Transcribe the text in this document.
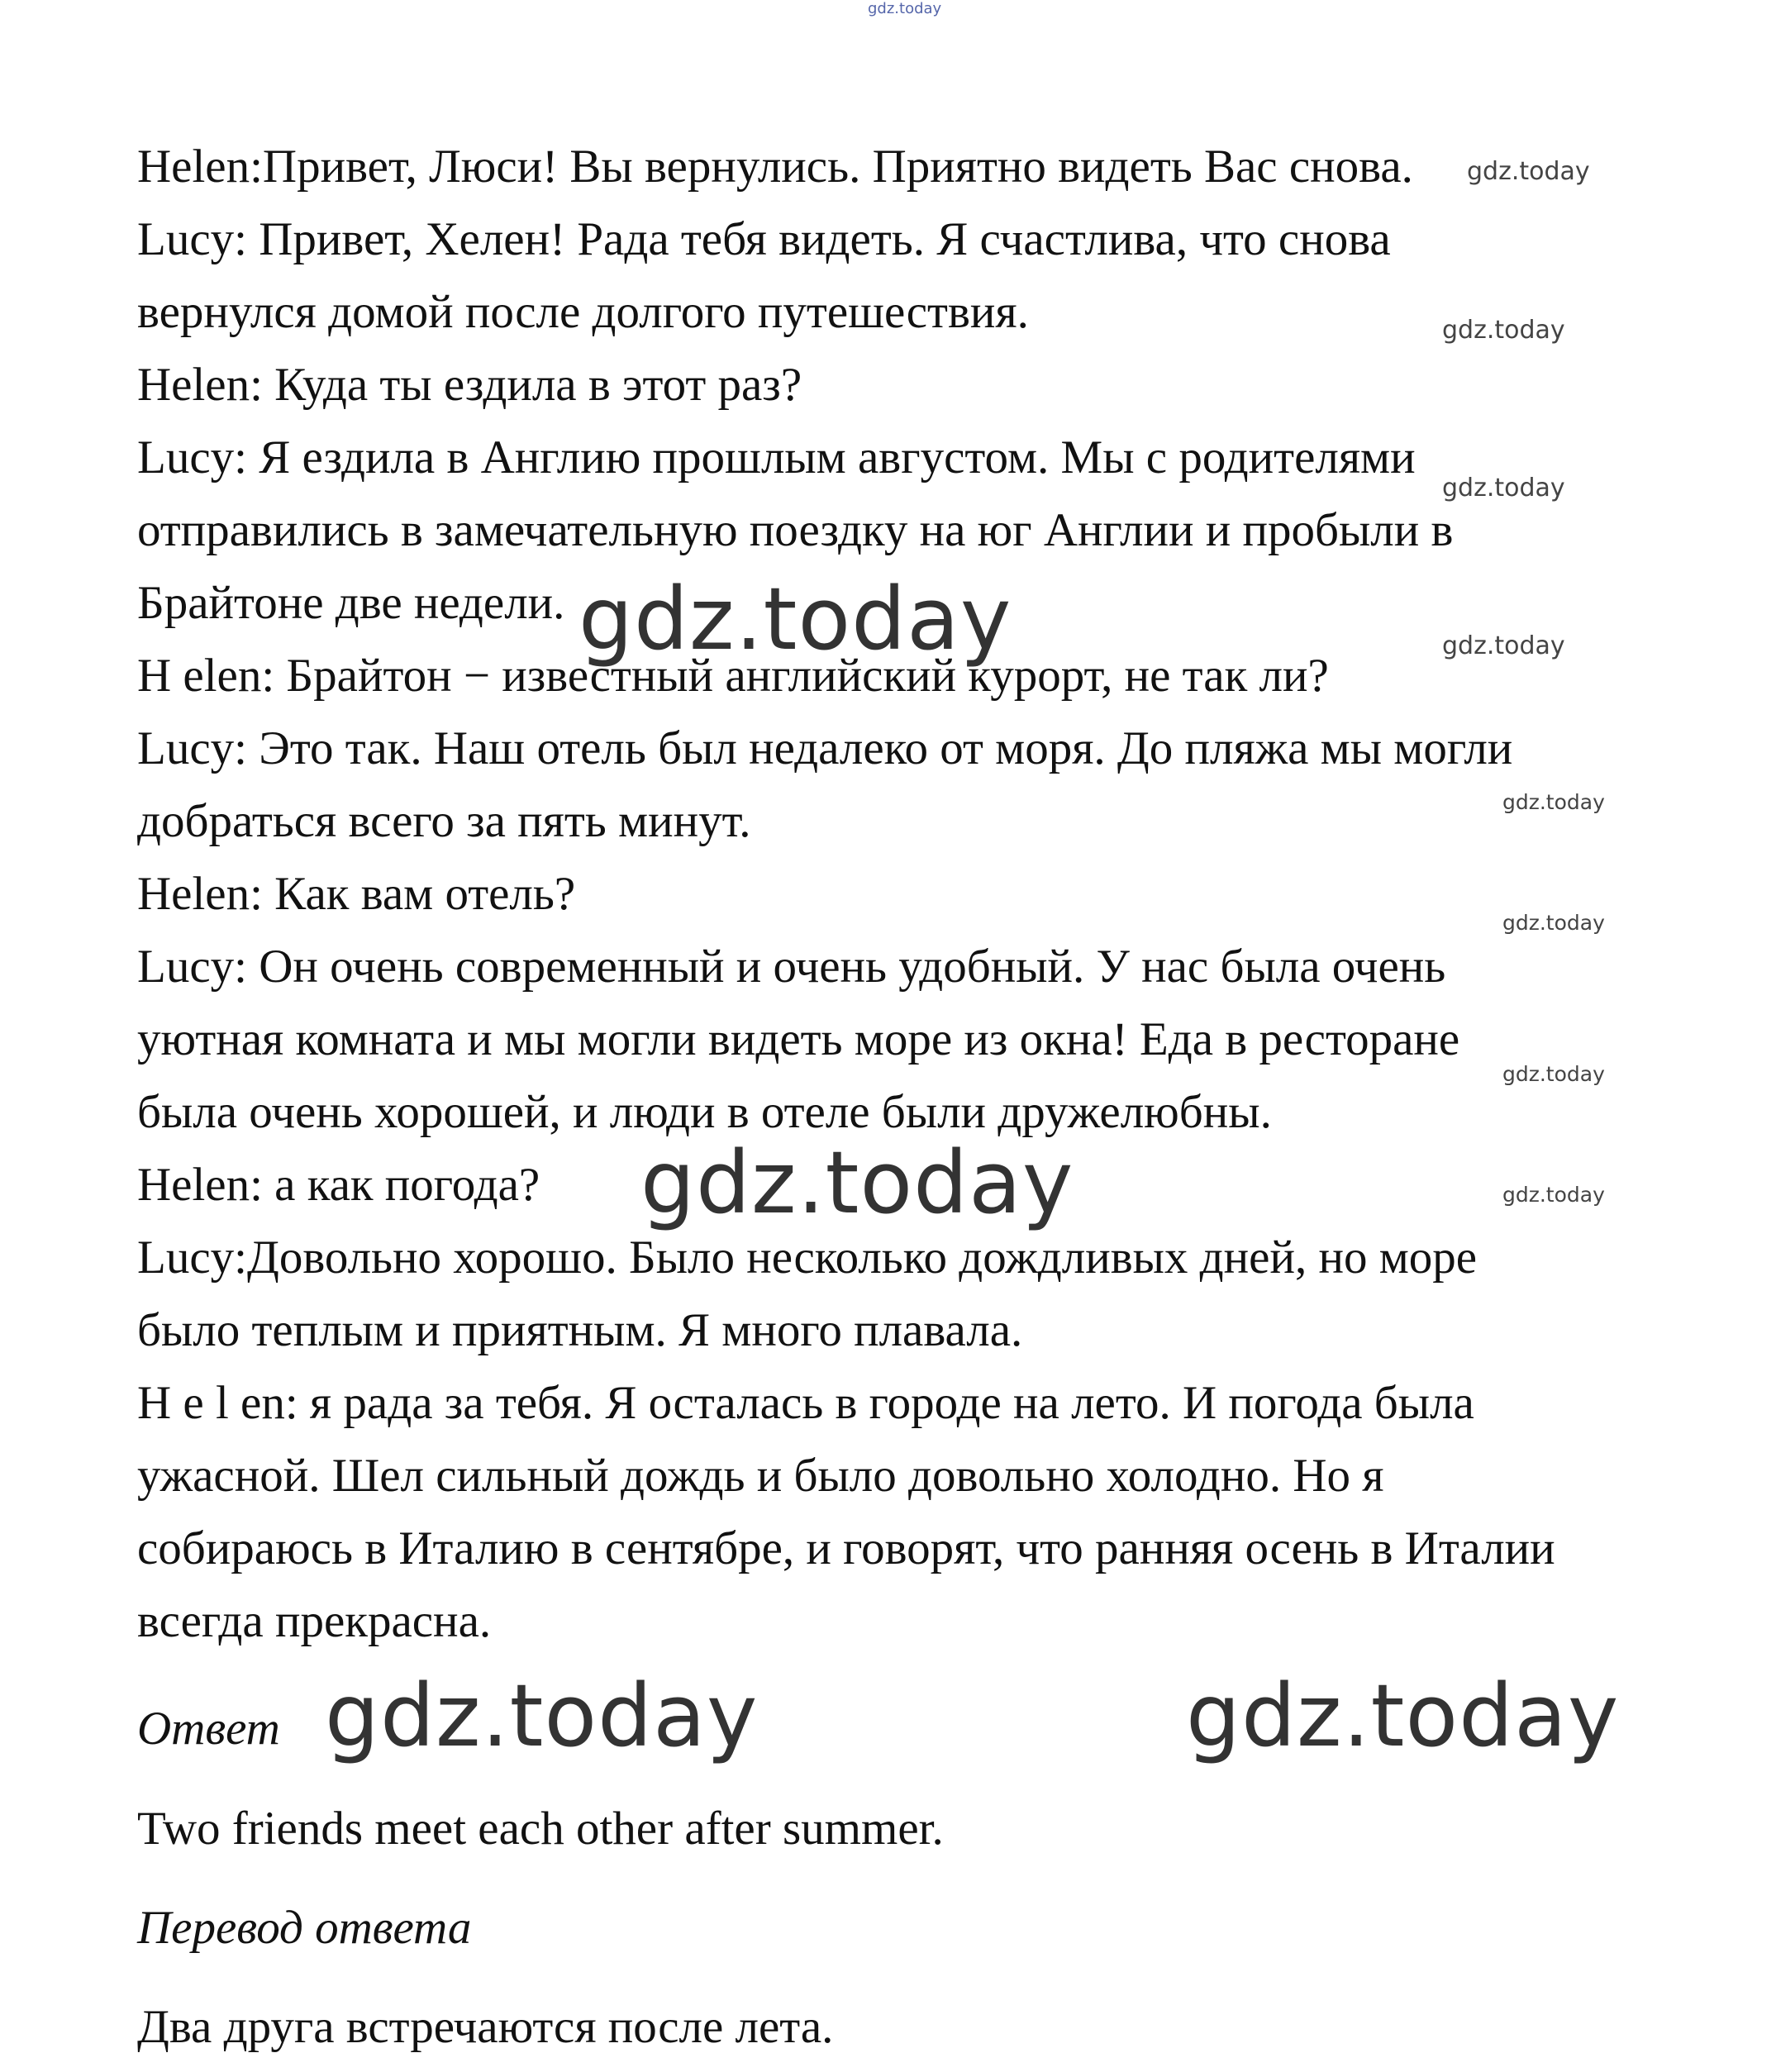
gdz.today
Helen:Привет, Люси! Вы вернулись. Приятно видеть Вас снова.
Lucy: Привет, Хелен! Рада тебя видеть. Я счастлива, что снова
вернулся домой после долгого путешествия.
Helen: Куда ты ездила в этот раз?
Lucy: Я ездила в Англию прошлым августом. Мы с родителями
отправились в замечательную поездку на юг Англии и пробыли в
Брайтоне две недели.
H elen: Брайтон − известный английский курорт, не так ли?
Lucy: Это так. Наш отель был недалеко от моря. До пляжа мы могли
добраться всего за пять минут.
Helen: Как вам отель?
Lucy: Он очень современный и очень удобный. У нас была очень
уютная комната и мы могли видеть море из окна! Еда в ресторане
была очень хорошей, и люди в отеле были дружелюбны.
Helen: а как погода?
Lucy:Довольно хорошо. Было несколько дождливых дней, но море
было теплым и приятным. Я много плавала.
H e l en: я рада за тебя. Я осталась в городе на лето. И погода была
ужасной. Шел сильный дождь и было довольно холодно. Но я
собираюсь в Италию в сентябре, и говорят, что ранняя осень в Италии
всегда прекрасна.
Ответ
Two friends meet each other after summer.
Перевод ответа
Два друга встречаются после лета.
gdz.today
gdz.today
gdz.today
gdz.today
gdz.today
gdz.today
gdz.today
gdz.today
gdz.today
gdz.today
gdz.today	gdz.today
